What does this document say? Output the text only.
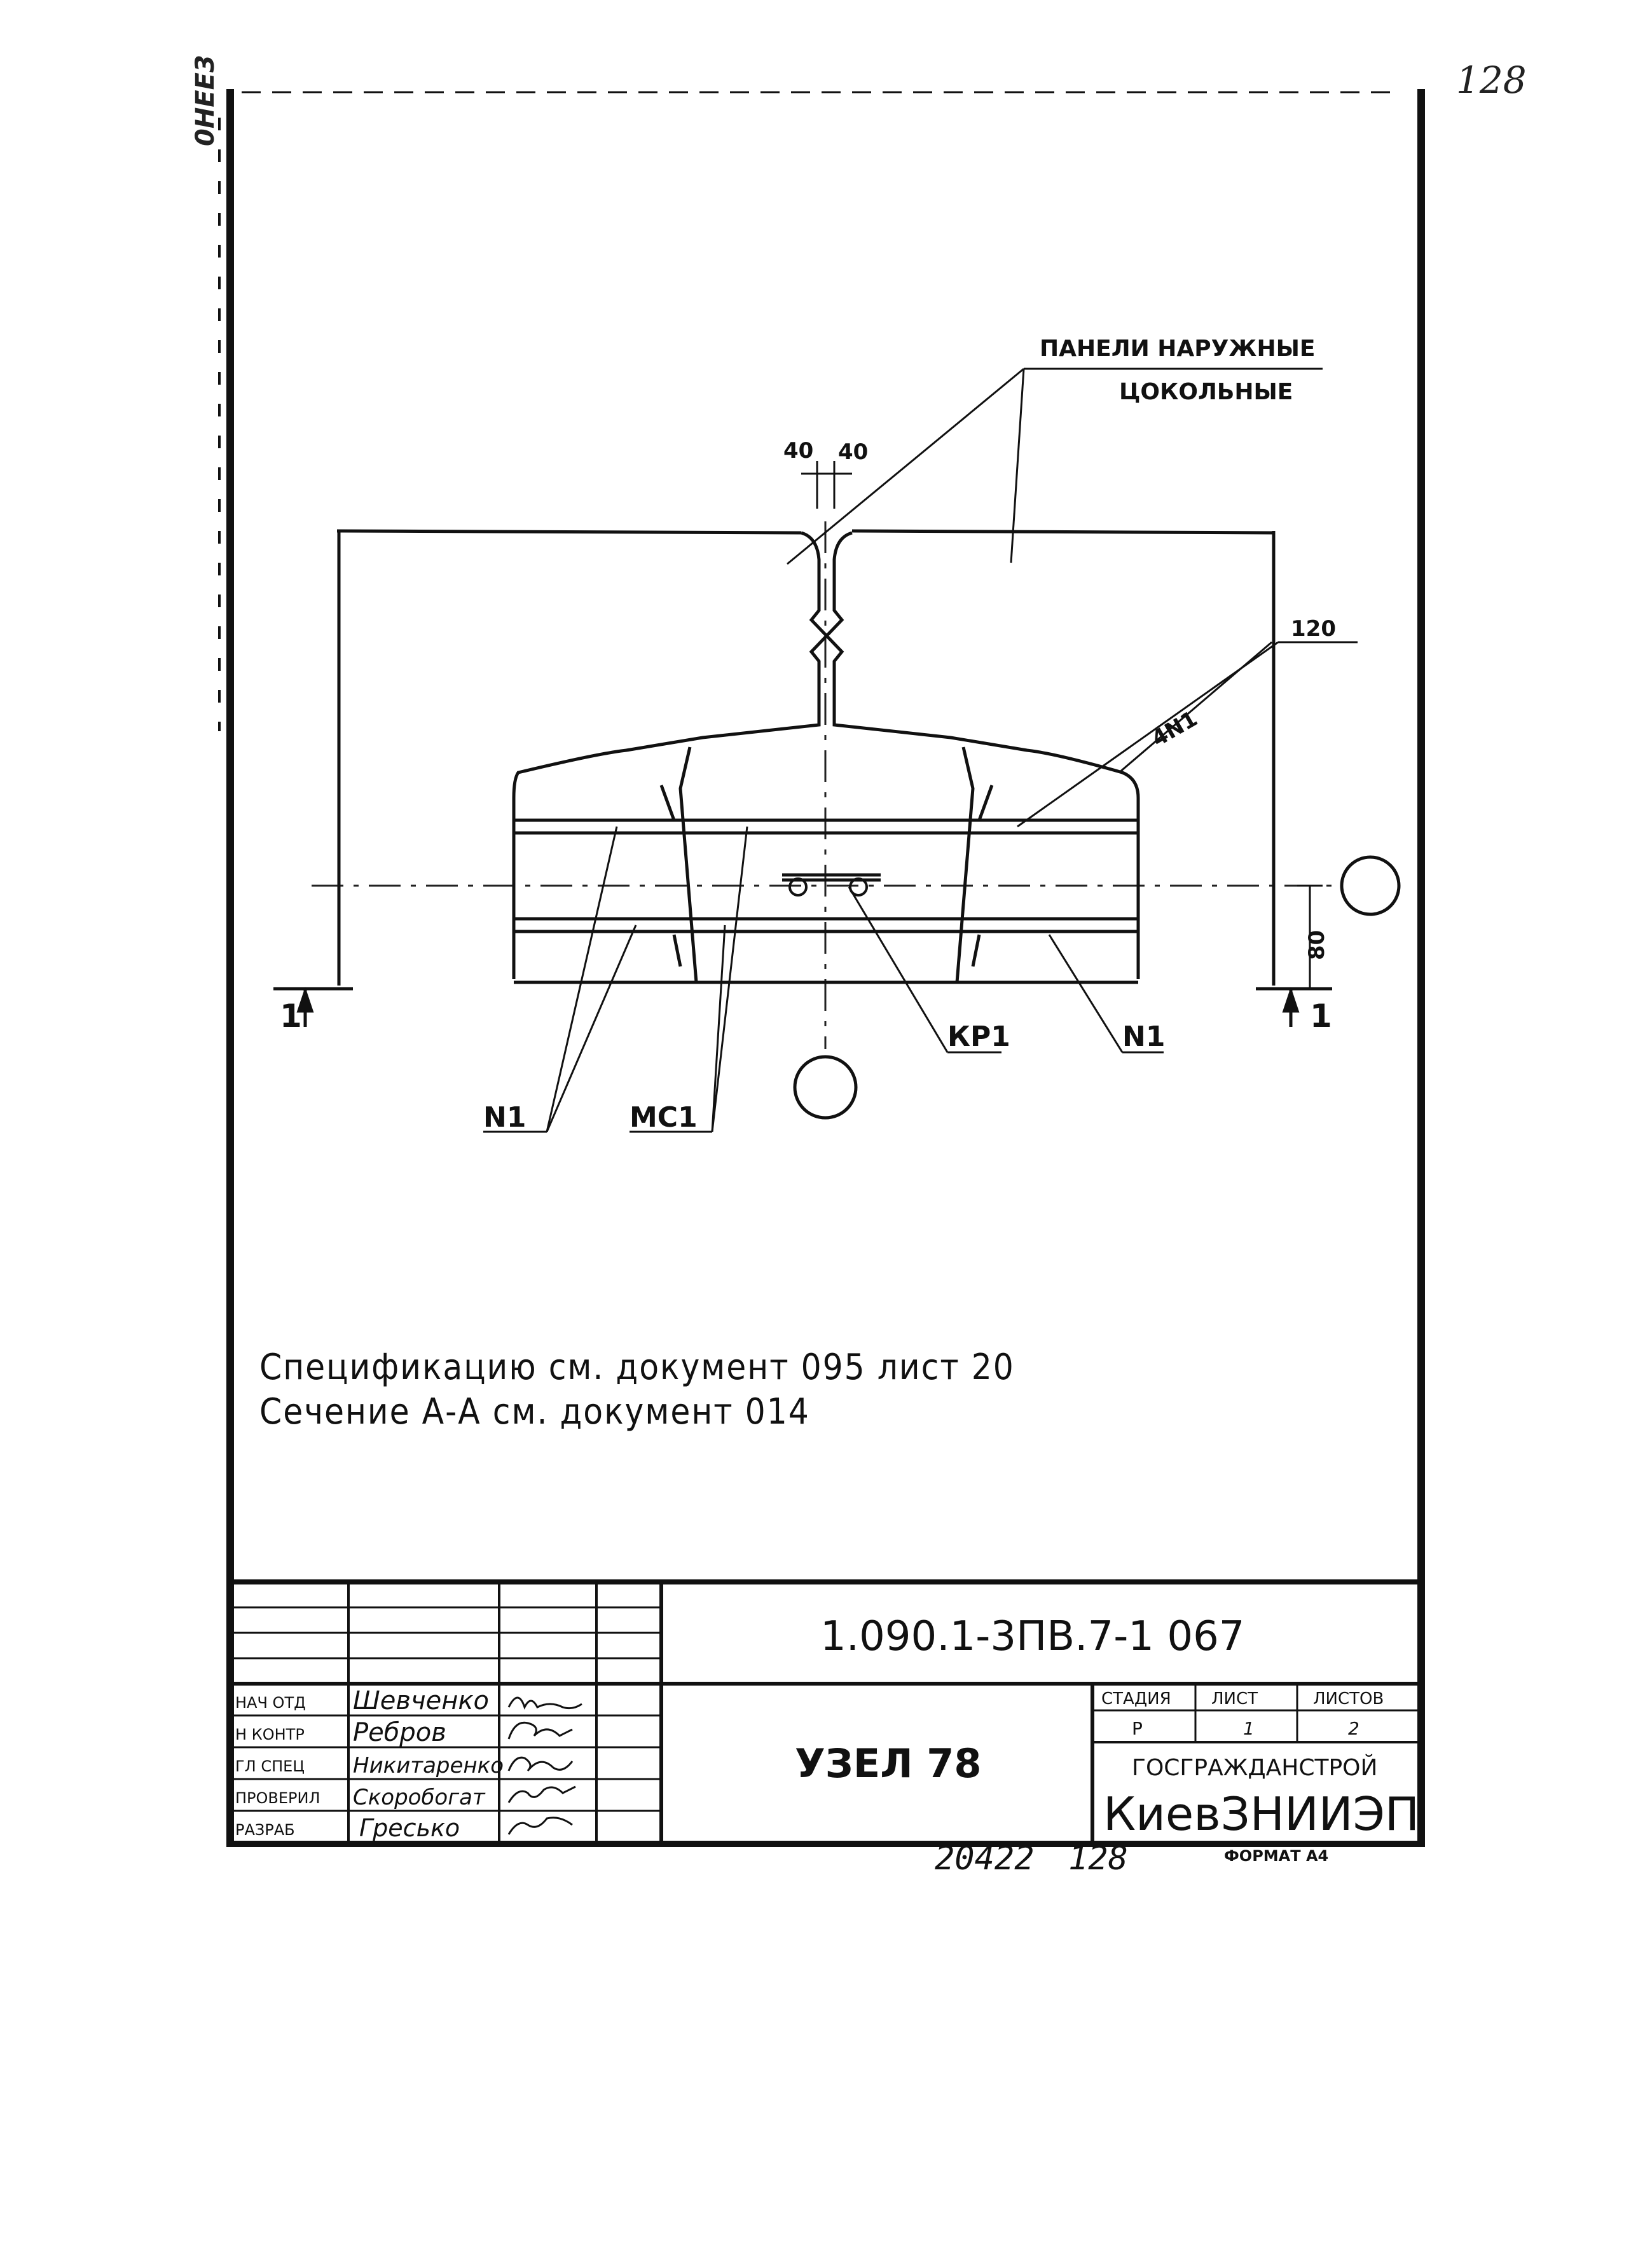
128
0HEE3
ПАНЕЛИ НАРУЖНЫЕ
ЦОКОЛЬНЫЕ
40 40
120
4N1
80
КР1	N1
N1	МС1
1	1
1.090.1-3ПВ.7-1 067
УЗЕЛ 78
СТАДИЯ ЛИСТ	ЛИСТОВ
Р	1	2
ГОСГРАЖДАНСТРОЙ
КиевЗНИИЭП
НАЧ ОТД Шевченко
Н КОНТР Ребров
ГЛ СПЕЦ Никитаренко
ПРОВЕРИЛ Скоробогат
РАЗРАБ	Гресько
Спецификацию см. документ 095 лист 20
Сечение А-А см. документ 014
20422 128	ФОРМАТ А4
